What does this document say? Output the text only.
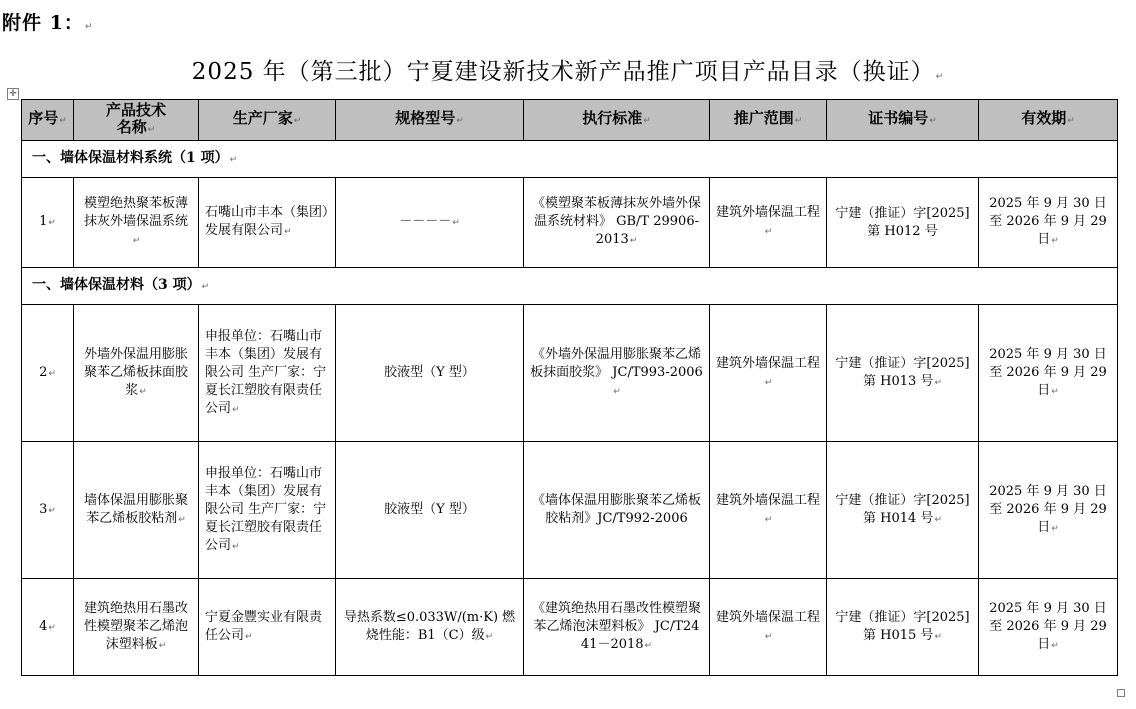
附件 1：↵
2025 年（第三批）宁夏建设新技术新产品推广项目产品目录（换证）↵
✛
序号↵	产品技术名称↵	生产厂家↵	规格型号↵	执行标准↵	推广范围↵	证书编号↵	有效期↵
一、墙体保温材料系统（1 项）↵							
1↵	模塑绝热聚苯板薄抹灰外墙保温系统↵	石嘴山市丰本（集团）发展有限公司↵	－－－－↵	《模塑聚苯板薄抹灰外墙外保温系统材料》 GB/T 29906-2013↵	建筑外墙保温工程↵	宁建（推证）字[2025]第 H012 号	2025 年 9 月 30 日至 2026 年 9 月 29 日↵
一、墙体保温材料（3 项）↵							
2↵	外墙外保温用膨胀聚苯乙烯板抹面胶浆↵	申报单位：石嘴山市丰本（集团）发展有限公司 生产厂家：宁夏长江塑胶有限责任公司↵	胶液型（Y 型）	《外墙外保温用膨胀聚苯乙烯板抹面胶浆》 JC/T993-2006↵	建筑外墙保温工程↵	宁建（推证）字[2025]第 H013 号↵	2025 年 9 月 30 日至 2026 年 9 月 29 日↵
3↵	墙体保温用膨胀聚苯乙烯板胶粘剂↵	申报单位：石嘴山市丰本（集团）发展有限公司 生产厂家：宁夏长江塑胶有限责任公司↵	胶液型（Y 型）	《墙体保温用膨胀聚苯乙烯板胶粘剂》JC/T992-2006	建筑外墙保温工程↵	宁建（推证）字[2025]第 H014 号↵	2025 年 9 月 30 日至 2026 年 9 月 29 日↵
4↵	建筑绝热用石墨改性模塑聚苯乙烯泡沫塑料板↵	宁夏金豐实业有限责任公司↵	导热系数≤0.033W/(m·K) 燃烧性能：B1（C）级↵	《建筑绝热用石墨改性模塑聚苯乙烯泡沫塑料板》 JC/T2441－2018↵	建筑外墙保温工程↵	宁建（推证）字[2025]第 H015 号↵	2025 年 9 月 30 日至 2026 年 9 月 29 日↵
